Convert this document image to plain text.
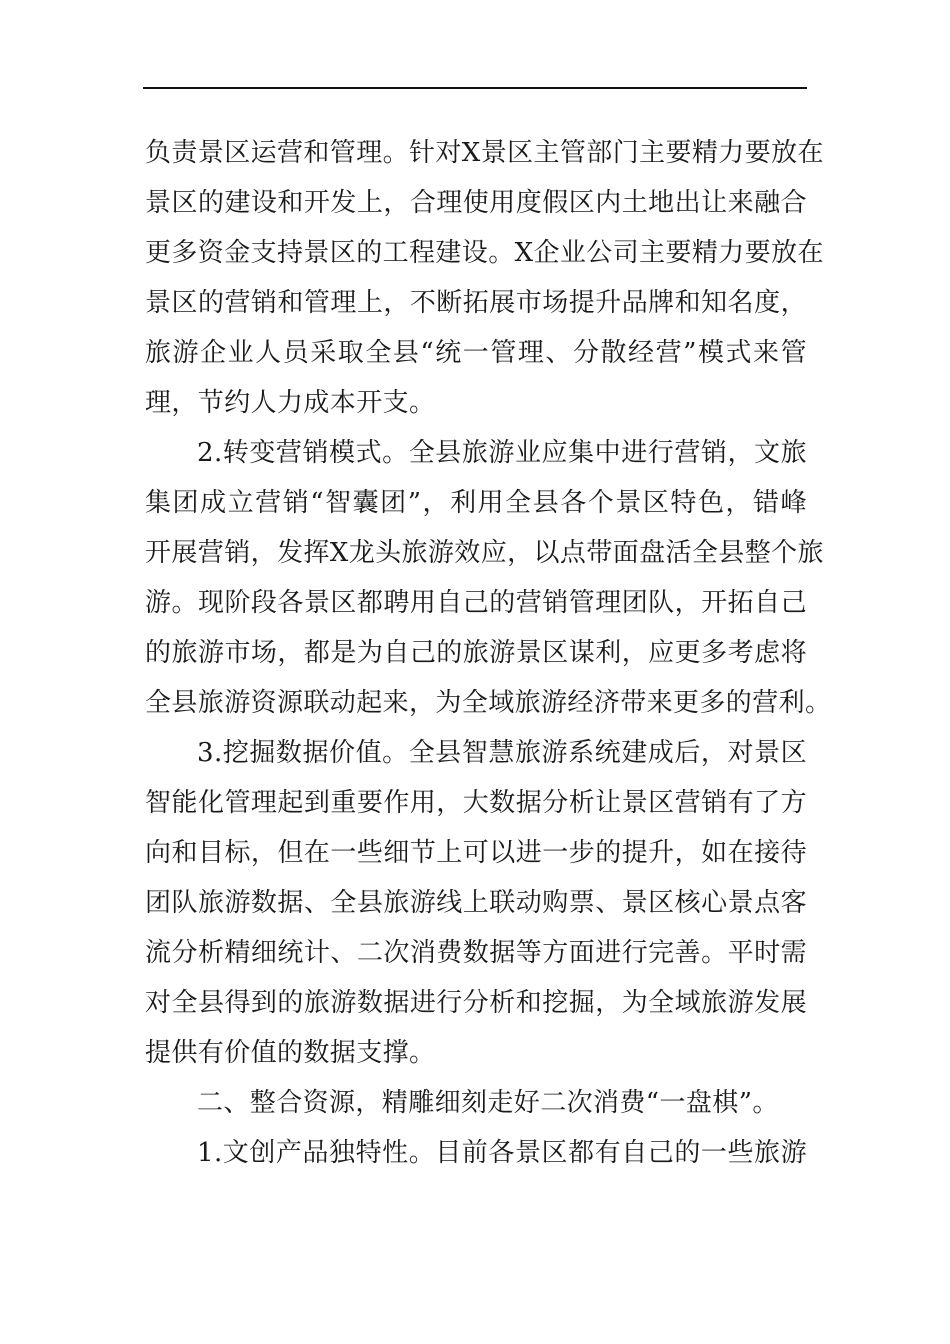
负责景区运营和管理。针对X景区主管部门主要精力要放在
景区的建设和开发上，合理使用度假区内土地出让来融合
更多资金支持景区的工程建设。X企业公司主要精力要放在
景区的营销和管理上，不断拓展市场提升品牌和知名度，
旅游企业人员采取全县“统一管理、分散经营”模式来管
理，节约人力成本开支。
2.转变营销模式。全县旅游业应集中进行营销，文旅
集团成立营销“智囊团”，利用全县各个景区特色，错峰
开展营销，发挥X龙头旅游效应，以点带面盘活全县整个旅
游。现阶段各景区都聘用自己的营销管理团队，开拓自己
的旅游市场，都是为自己的旅游景区谋利，应更多考虑将
全县旅游资源联动起来，为全域旅游经济带来更多的营利。
3.挖掘数据价值。全县智慧旅游系统建成后，对景区
智能化管理起到重要作用，大数据分析让景区营销有了方
向和目标，但在一些细节上可以进一步的提升，如在接待
团队旅游数据、全县旅游线上联动购票、景区核心景点客
流分析精细统计、二次消费数据等方面进行完善。平时需
对全县得到的旅游数据进行分析和挖掘，为全域旅游发展
提供有价值的数据支撑。
二、整合资源，精雕细刻走好二次消费“一盘棋”。
1.文创产品独特性。目前各景区都有自己的一些旅游
